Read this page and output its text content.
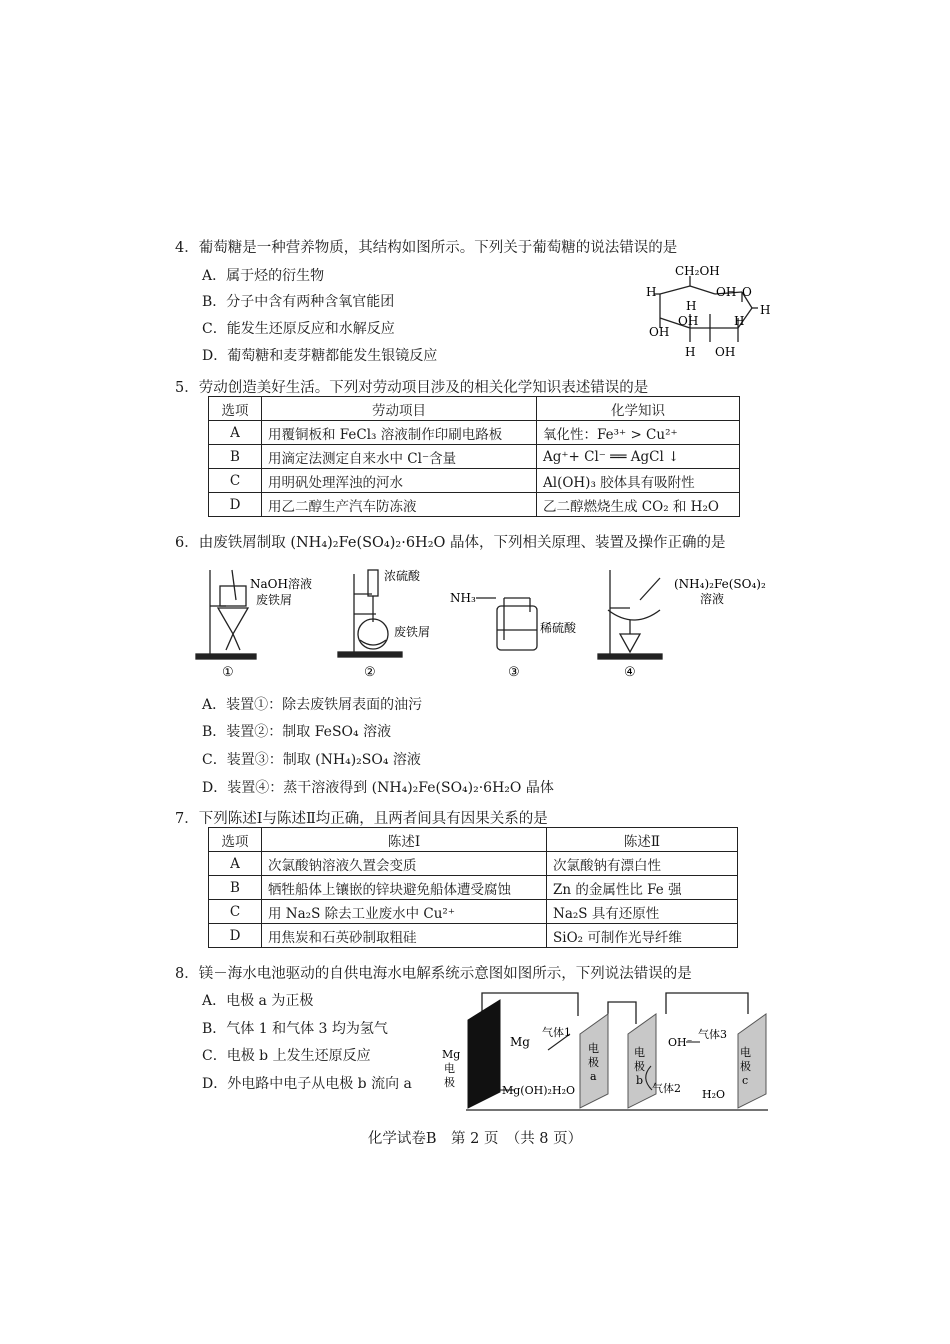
4．葡萄糖是一种营养物质，其结构如图所示。下列关于葡萄糖的说法错误的是
A．属于烃的衍生物
B．分子中含有两种含氧官能团
C．能发生还原反应和水解反应
D．葡萄糖和麦芽糖都能发生银镜反应
CH₂OH
OH O
H
H
H
H
OH
OH
H OH
H
5．劳动创造美好生活。下列对劳动项目涉及的相关化学知识表述错误的是
选项	劳动项目	化学知识
A	用覆铜板和 FeCl₃ 溶液制作印刷电路板	氧化性：Fe³⁺ > Cu²⁺
B	用滴定法测定自来水中 Cl⁻含量	Ag⁺+ Cl⁻ ══ AgCl ↓
C	用明矾处理浑浊的河水	Al(OH)₃ 胶体具有吸附性
D	用乙二醇生产汽车防冻液	乙二醇燃烧生成 CO₂ 和 H₂O
6．由废铁屑制取 (NH₄)₂Fe(SO₄)₂·6H₂O 晶体，下列相关原理、装置及操作正确的是
NaOH溶液
废铁屑
浓硫酸
废铁屑
NH₃
稀硫酸
(NH₄)₂Fe(SO₄)₂
溶液
①	②	③	④
A．装置①：除去废铁屑表面的油污
B．装置②：制取 FeSO₄ 溶液
C．装置③：制取 (NH₄)₂SO₄ 溶液
D．装置④：蒸干溶液得到 (NH₄)₂Fe(SO₄)₂·6H₂O 晶体
7．下列陈述Ⅰ与陈述Ⅱ均正确，且两者间具有因果关系的是
选项	陈述Ⅰ	陈述Ⅱ
A	次氯酸钠溶液久置会变质	次氯酸钠有漂白性
B	牺牲船体上镶嵌的锌块避免船体遭受腐蚀	Zn 的金属性比 Fe 强
C	用 Na₂S 除去工业废水中 Cu²⁺	Na₂S 具有还原性
D	用焦炭和石英砂制取粗硅	SiO₂ 可制作光导纤维
8．镁－海水电池驱动的自供电海水电解系统示意图如图所示，下列说法错误的是
A．电极 a 为正极
B．气体 1 和气体 3 均为氢气
C．电极 b 上发生还原反应
D．外电路中电子从电极 b 流向 a
Mg
电
极
Mg
气体1
Mg(OH)₂ H₂O
电
极
a
电
极
b
OH⁻
气体2 H₂O
气体3
电
极
c
化学试卷B　第 2 页　（共 8 页）
